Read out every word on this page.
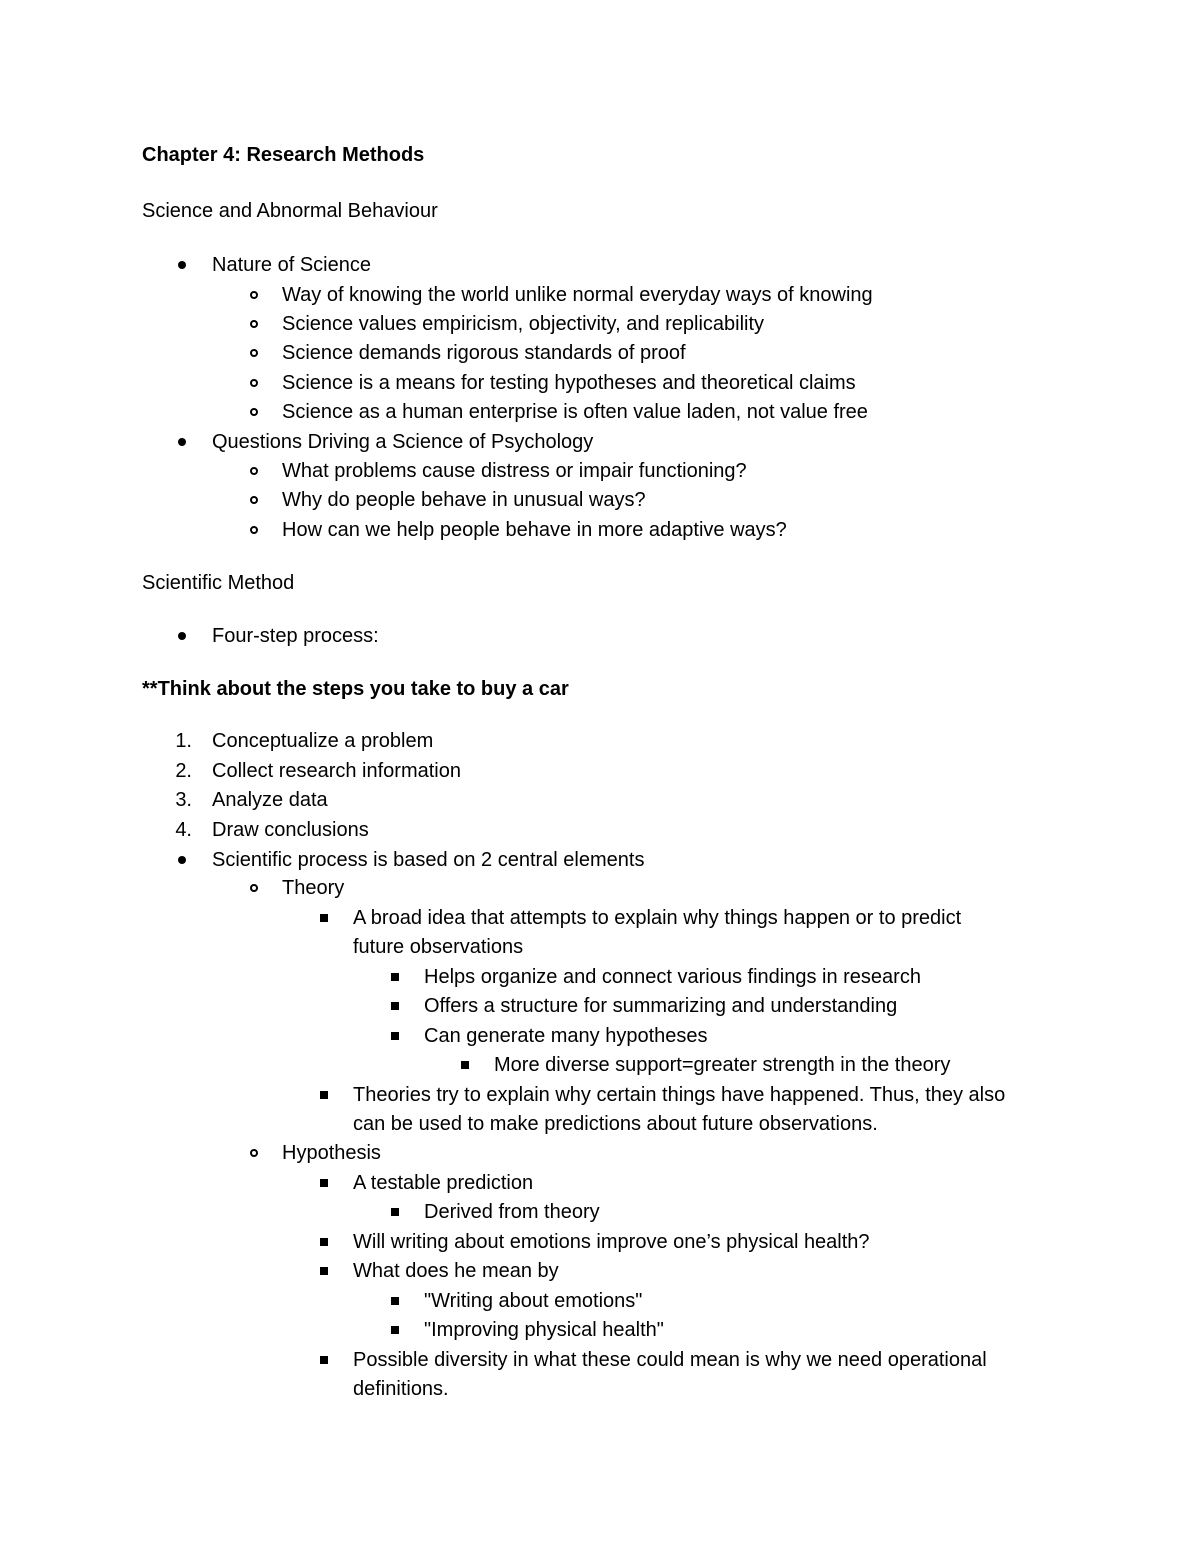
Chapter 4: Research Methods
Science and Abnormal Behaviour
Nature of Science
Way of knowing the world unlike normal everyday ways of knowing
Science values empiricism, objectivity, and replicability
Science demands rigorous standards of proof
Science is a means for testing hypotheses and theoretical claims
Science as a human enterprise is often value laden, not value free
Questions Driving a Science of Psychology
What problems cause distress or impair functioning?
Why do people behave in unusual ways?
How can we help people behave in more adaptive ways?
Scientific Method
Four-step process:
**Think about the steps you take to buy a car
1. Conceptualize a problem
2. Collect research information
3. Analyze data
4. Draw conclusions
Scientific process is based on 2 central elements
Theory
A broad idea that attempts to explain why things happen or to predict
future observations
Helps organize and connect various findings in research
Offers a structure for summarizing and understanding
Can generate many hypotheses
More diverse support=greater strength in the theory
Theories try to explain why certain things have happened. Thus, they also
can be used to make predictions about future observations.
Hypothesis
A testable prediction
Derived from theory
Will writing about emotions improve one’s physical health?
What does he mean by
"Writing about emotions"
"Improving physical health"
Possible diversity in what these could mean is why we need operational
definitions.
